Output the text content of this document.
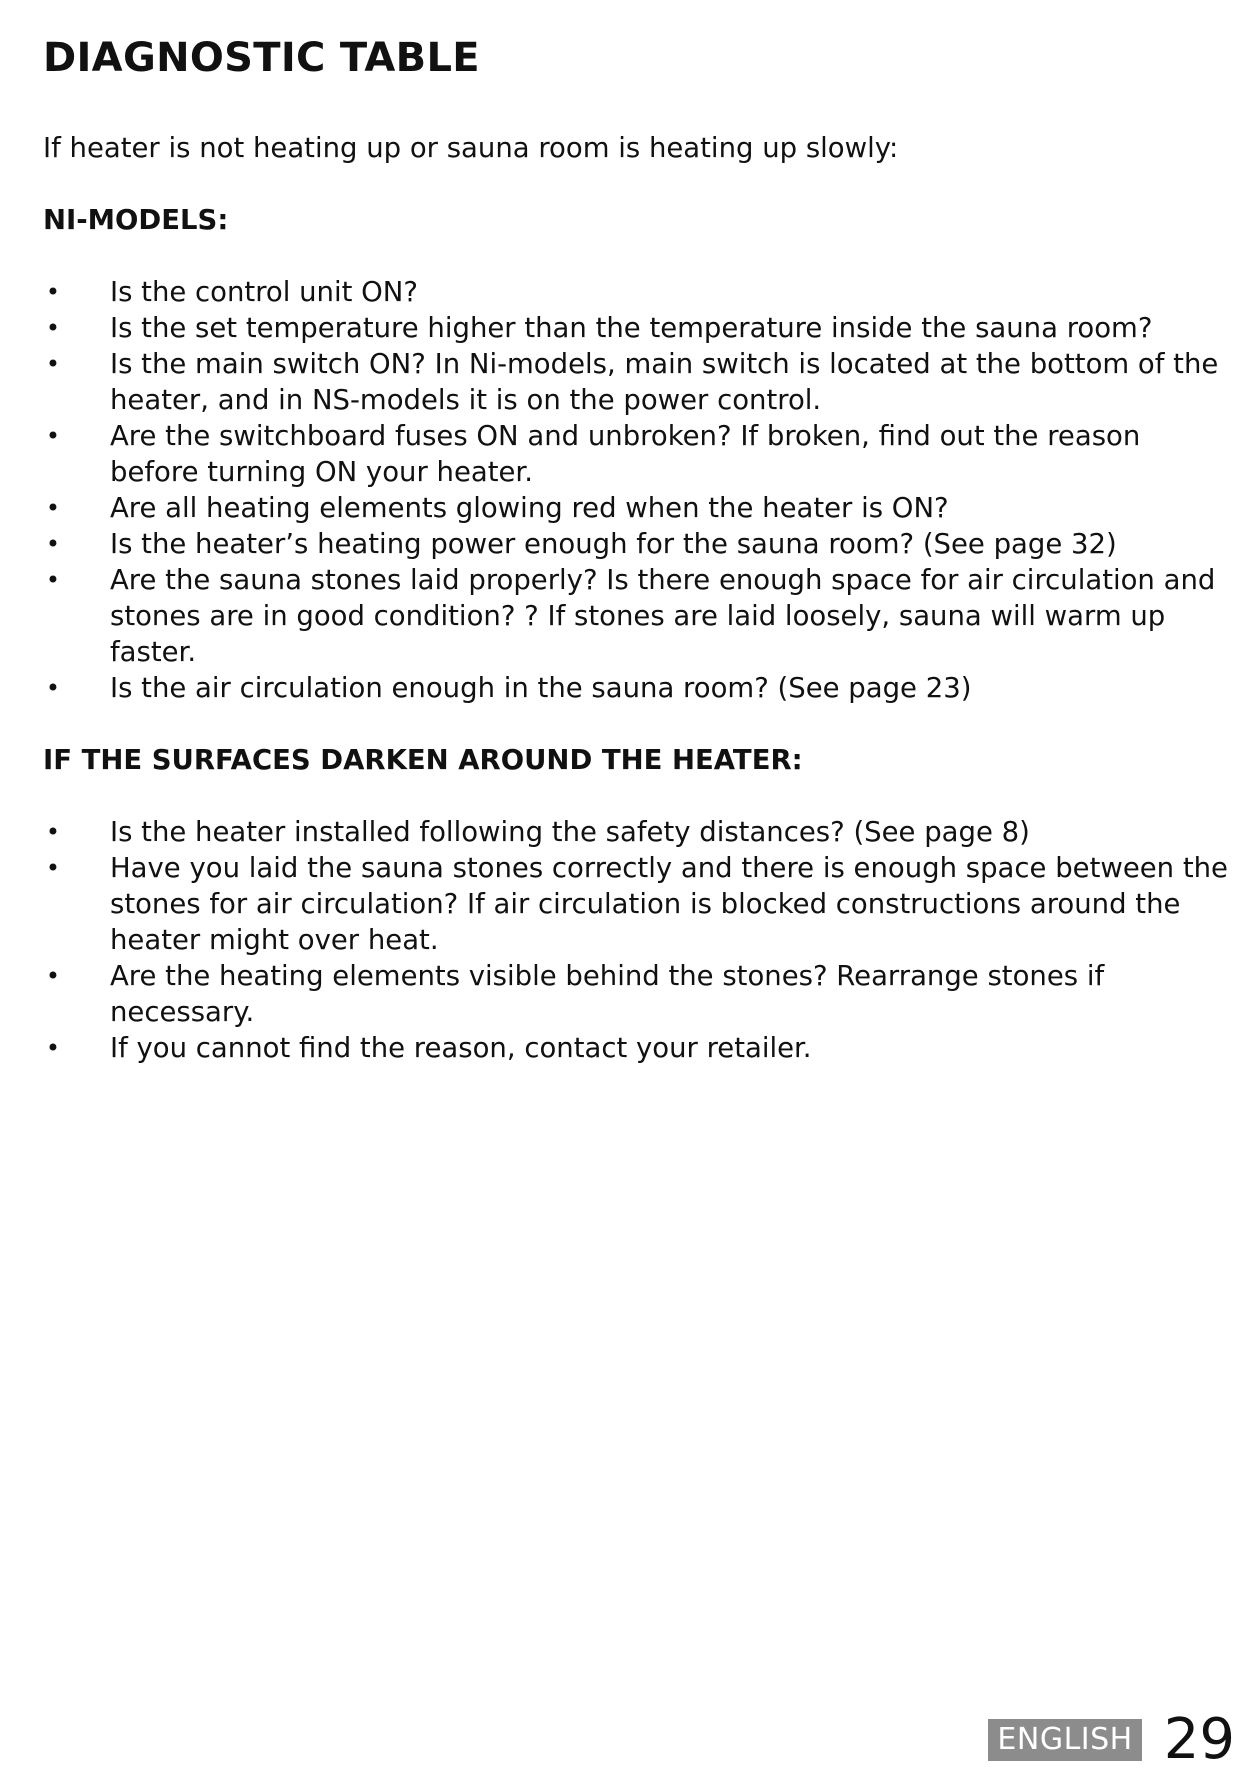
DIAGNOSTIC TABLE

If heater is not heating up or sauna room is heating up slowly:

NI-MODELS:
• Is the control unit ON?
• Is the set temperature higher than the temperature inside the sauna room?
• Is the main switch ON? In Ni-models, main switch is located at the bottom of the heater, and in NS-models it is on the power control.
• Are the switchboard fuses ON and unbroken? If broken, find out the reason before turning ON your heater.
• Are all heating elements glowing red when the heater is ON?
• Is the heater’s heating power enough for the sauna room? (See page 32)
• Are the sauna stones laid properly? Is there enough space for air circulation and stones are in good condition? ? If stones are laid loosely, sauna will warm up faster.
• Is the air circulation enough in the sauna room? (See page 23)
IF THE SURFACES DARKEN AROUND THE HEATER:
• Is the heater installed following the safety distances? (See page 8)
• Have you laid the sauna stones correctly and there is enough space between the stones for air circulation? If air circulation is blocked constructions around the heater might over heat.
• Are the heating elements visible behind the stones? Rearrange stones if necessary.
• If you cannot find the reason, contact your retailer.
ENGLISH 29
